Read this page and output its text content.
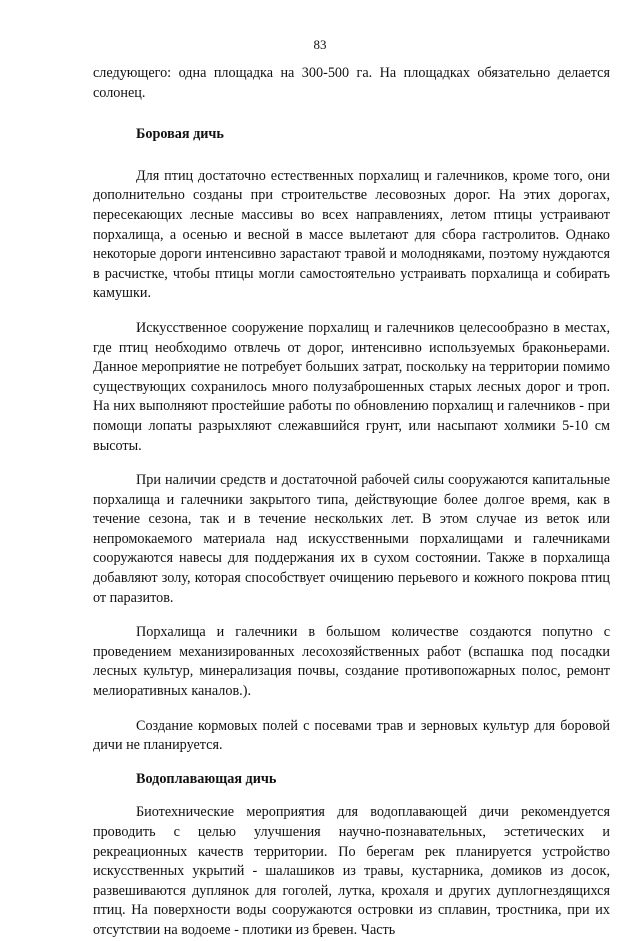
83

следующего: одна площадка на 300-500 га. На площадках обязательно делается солонец.

Боровая дичь

Для птиц достаточно естественных порхалищ и галечников, кроме того, они дополнительно созданы при строительстве лесовозных дорог. На этих дорогах, пересекающих лесные массивы во всех направлениях, летом птицы устраивают порхалища, а осенью и весной в массе вылетают для сбора гастролитов. Однако некоторые дороги интенсивно зарастают травой и молодняками, поэтому нуждаются в расчистке, чтобы птицы могли самостоятельно устраивать порхалища и собирать камушки.

Искусственное сооружение порхалищ и галечников целесообразно в местах, где птиц необходимо отвлечь от дорог, интенсивно используемых браконьерами. Данное мероприятие не потребует больших затрат, поскольку на территории помимо существующих сохранилось много полузаброшенных старых лесных дорог и троп. На них выполняют простейшие работы по обновлению порхалищ и галечников - при помощи лопаты разрыхляют слежавшийся грунт, или насыпают холмики 5-10 см высоты.

При наличии средств и достаточной рабочей силы сооружаются капитальные порхалища и галечники закрытого типа, действующие более долгое время, как в течение сезона, так и в течение нескольких лет. В этом случае из веток или непромокаемого материала над искусственными порхалищами и галечниками сооружаются навесы для поддержания их в сухом состоянии. Также в порхалища добавляют золу, которая способствует очищению перьевого и кожного покрова птиц от паразитов.

Порхалища и галечники в большом количестве создаются попутно с проведением механизированных лесохозяйственных работ (вспашка под посадки лесных культур, минерализация почвы, создание противопожарных полос, ремонт мелиоративных каналов.).

Создание кормовых полей с посевами трав и зерновых культур для боровой дичи не планируется.

Водоплавающая дичь

Биотехнические мероприятия для водоплавающей дичи рекомендуется проводить с целью улучшения научно-познавательных, эстетических и рекреационных качеств территории. По берегам рек планируется устройство искусственных укрытий - шалашиков из травы, кустарника, домиков из досок, развешиваются дуплянок для гоголей, лутка, крохаля и других дуплогнездящихся птиц. На поверхности воды сооружаются островки из сплавин, тростника, при их отсутствии на водоеме - плотики из бревен. Часть
